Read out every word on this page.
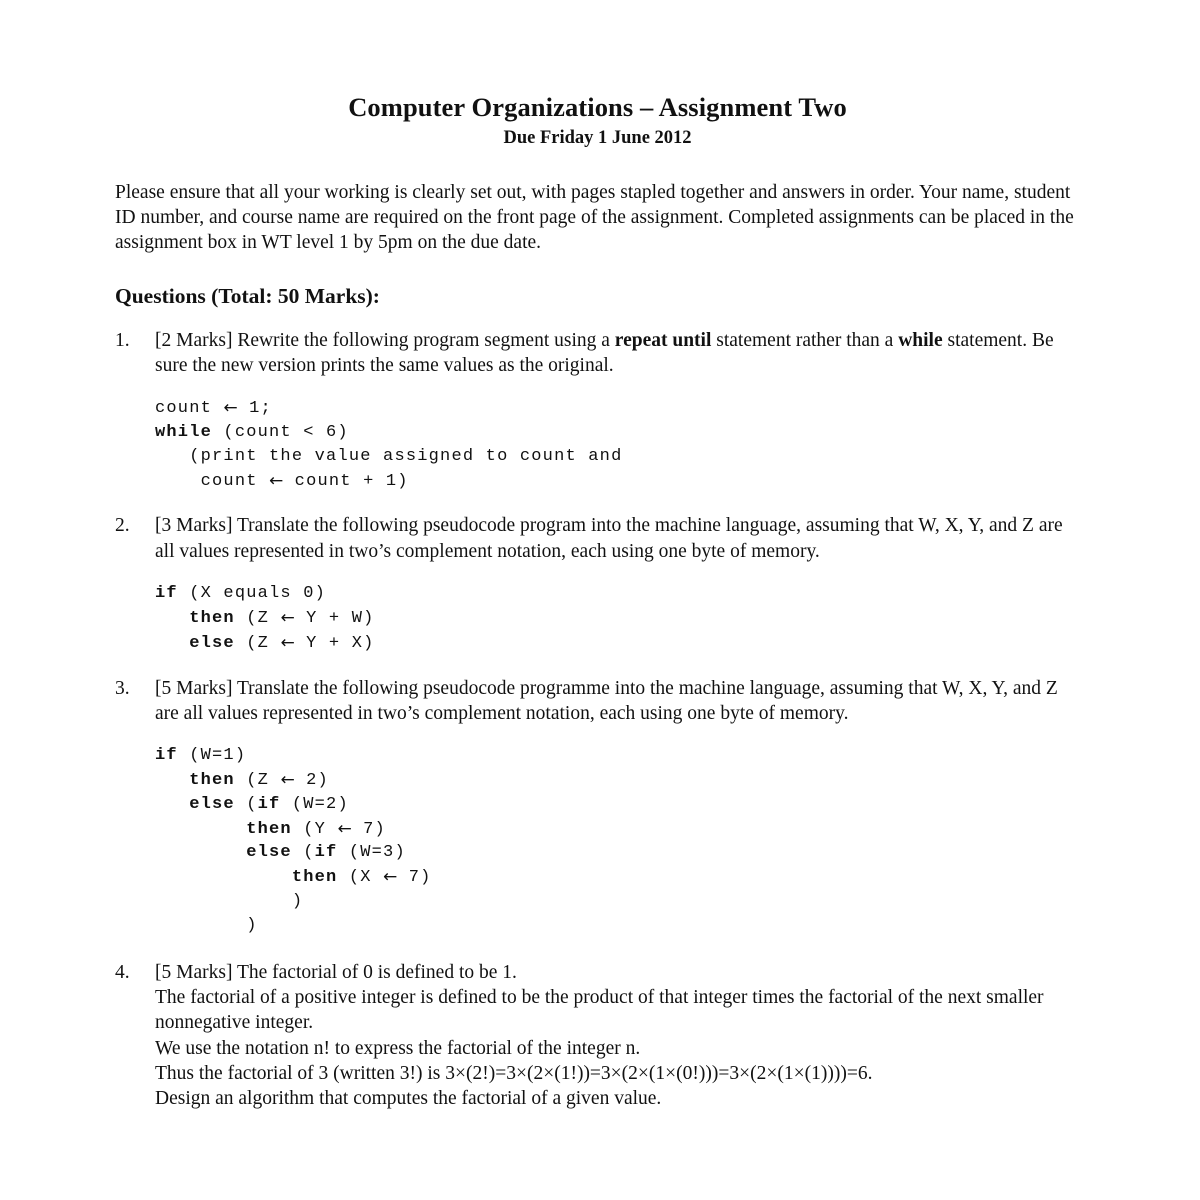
Computer Organizations – Assignment Two
Due Friday 1 June 2012

Please ensure that all your working is clearly set out, with pages stapled together and answers in order. Your name, student ID number, and course name are required on the front page of the assignment. Completed assignments can be placed in the assignment box in WT level 1 by 5pm on the due date.

Questions (Total: 50 Marks):
1.	[2 Marks] Rewrite the following program segment using a repeat until statement rather than a while statement. Be sure the new version prints the same values as the original.
count ← 1;
while (count < 6)
(print the value assigned to count and
count ← count + 1)
2.	[3 Marks] Translate the following pseudocode program into the machine language, assuming that W, X, Y, and Z are all values represented in two’s complement notation, each using one byte of memory.
if (X equals 0)
then (Z ← Y + W)
else (Z ← Y + X)
3.	[5 Marks] Translate the following pseudocode programme into the machine language, assuming that W, X, Y, and Z are all values represented in two’s complement notation, each using one byte of memory.
if (W=1)
then (Z ← 2)
else (if (W=2)
then (Y ← 7)
else (if (W=3)
then (X ← 7)
)
)
4.	[5 Marks] The factorial of 0 is defined to be 1.
The factorial of a positive integer is defined to be the product of that integer times the factorial of the next smaller nonnegative integer.
We use the notation n! to express the factorial of the integer n.
Thus the factorial of 3 (written 3!) is 3×(2!)=3×(2×(1!))=3×(2×(1×(0!)))=3×(2×(1×(1))))=6.
Design an algorithm that computes the factorial of a given value.
